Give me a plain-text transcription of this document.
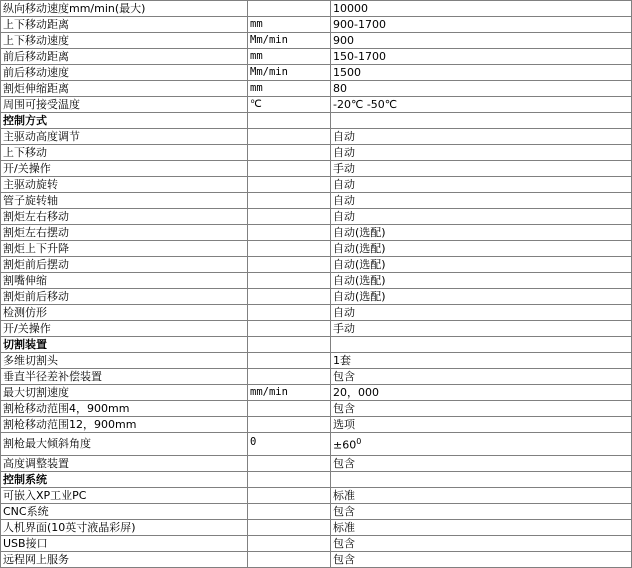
纵向移动速度mm/min(最大)		10000
上下移动距离	mm	900-1700
上下移动速度	Mm/min	900
前后移动距离	mm	150-1700
前后移动速度	Mm/min	1500
割炬伸缩距离	mm	80
周围可接受温度	℃	-20℃ -50℃
控制方式		
主驱动高度调节		自动
上下移动		自动
开/关操作		手动
主驱动旋转		自动
管子旋转轴		自动
割炬左右移动		自动
割炬左右摆动		自动(选配)
割炬上下升降		自动(选配)
割炬前后摆动		自动(选配)
割嘴伸缩		自动(选配)
割炬前后移动		自动(选配)
检测仿形		自动
开/关操作		手动
切割装置		
多维切割头		1套
垂直半径差补偿装置		包含
最大切割速度	mm/min	20，000
割枪移动范围4，900mm		包含
割枪移动范围12，900mm		选项
割枪最大倾斜角度	0	$\pm 60^0$
高度调整装置		包含
控制系统		
可嵌入XP工业PC		标准
CNC系统		包含
人机界面(10英寸液晶彩屏)		标准
USB接口		包含
远程网上服务		包含
